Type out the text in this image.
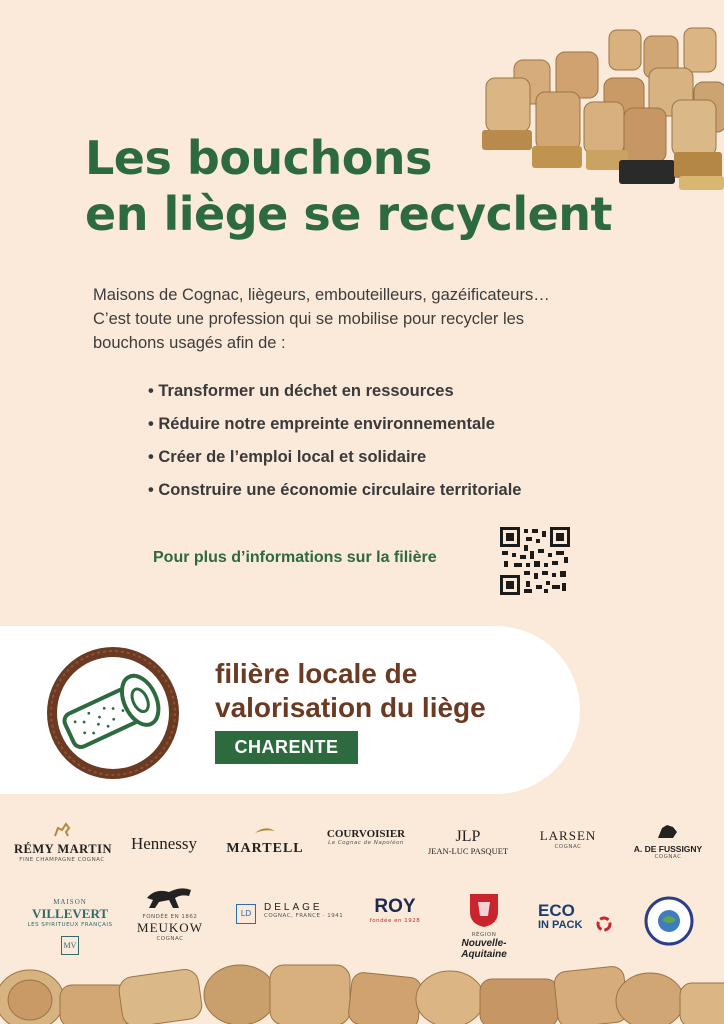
Les bouchons
en liège se recyclent
Maisons de Cognac, liègeurs, embouteilleurs, gazéificateurs…
C’est toute une profession qui se mobilise pour recycler les
bouchons usagés afin de :
• Transformer un déchet en ressources
• Réduire notre empreinte environnementale
• Créer de l’emploi local et solidaire
• Construire une économie circulaire territoriale
Pour plus d’informations sur la filière
filière locale de
valorisation du liège
CHARENTE
RÉMY MARTIN
FINE CHAMPAGNE COGNAC
Hennessy	MARTELL
COURVOISIER
Le Cognac de Napoléon	JLP
JEAN-LUC PASQUET
LARSEN
COGNAC	A. DE FUSSIGNY
COGNAC
MAISON
VILLEVERT
LES SPIRITUEUX FRANÇAIS
MV
FONDÉE EN 1862
MEUKOW
COGNAC
LD
DELAGE
COGNAC, FRANCE · 1941	ROY
fondée en 1928
RÉGION
Nouvelle-
Aquitaine
ECO
IN PACK
